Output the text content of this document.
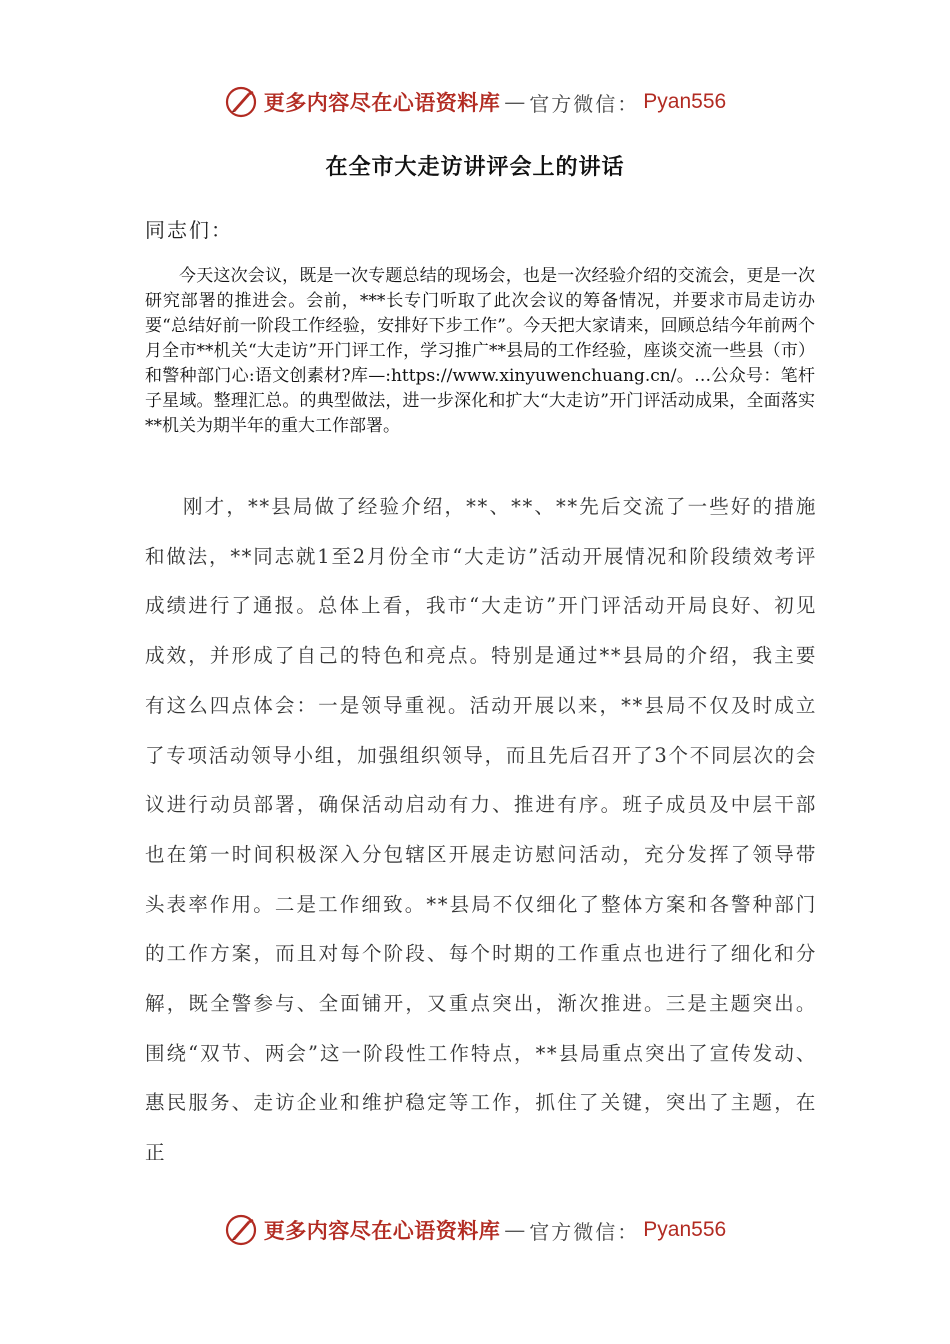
更多内容尽在心语资料库 — 官方微信： Pyan556
在全市大走访讲评会上的讲话
同志们：
今天这次会议，既是一次专题总结的现场会，也是一次经验介绍的交流会，更是一次研究部署的推进会。会前，***长专门听取了此次会议的筹备情况，并要求市局走访办要“总结好前一阶段工作经验，安排好下步工作”。今天把大家请来，回顾总结今年前两个月全市**机关“大走访”开门评工作，学习推广**县局的工作经验，座谈交流一些县（市）和警种部门心:语文创素材?库—:https://www.xinyuwenchuang.cn/。…公众号：笔杆子星域。整理汇总。的典型做法，进一步深化和扩大“大走访”开门评活动成果，全面落实**机关为期半年的重大工作部署。
刚才，**县局做了经验介绍，**、**、**先后交流了一些好的措施和做法，**同志就1至2月份全市“大走访”活动开展情况和阶段绩效考评成绩进行了通报。总体上看，我市“大走访”开门评活动开局良好、初见成效，并形成了自己的特色和亮点。特别是通过**县局的介绍，我主要有这么四点体会：一是领导重视。活动开展以来，**县局不仅及时成立了专项活动领导小组，加强组织领导，而且先后召开了3个不同层次的会议进行动员部署，确保活动启动有力、推进有序。班子成员及中层干部也在第一时间积极深入分包辖区开展走访慰问活动，充分发挥了领导带头表率作用。二是工作细致。**县局不仅细化了整体方案和各警种部门的工作方案，而且对每个阶段、每个时期的工作重点也进行了细化和分解，既全警参与、全面铺开，又重点突出，渐次推进。三是主题突出。围绕“双节、两会”这一阶段性工作特点，**县局重点突出了宣传发动、惠民服务、走访企业和维护稳定等工作，抓住了关键，突出了主题，在正
更多内容尽在心语资料库 — 官方微信： Pyan556
